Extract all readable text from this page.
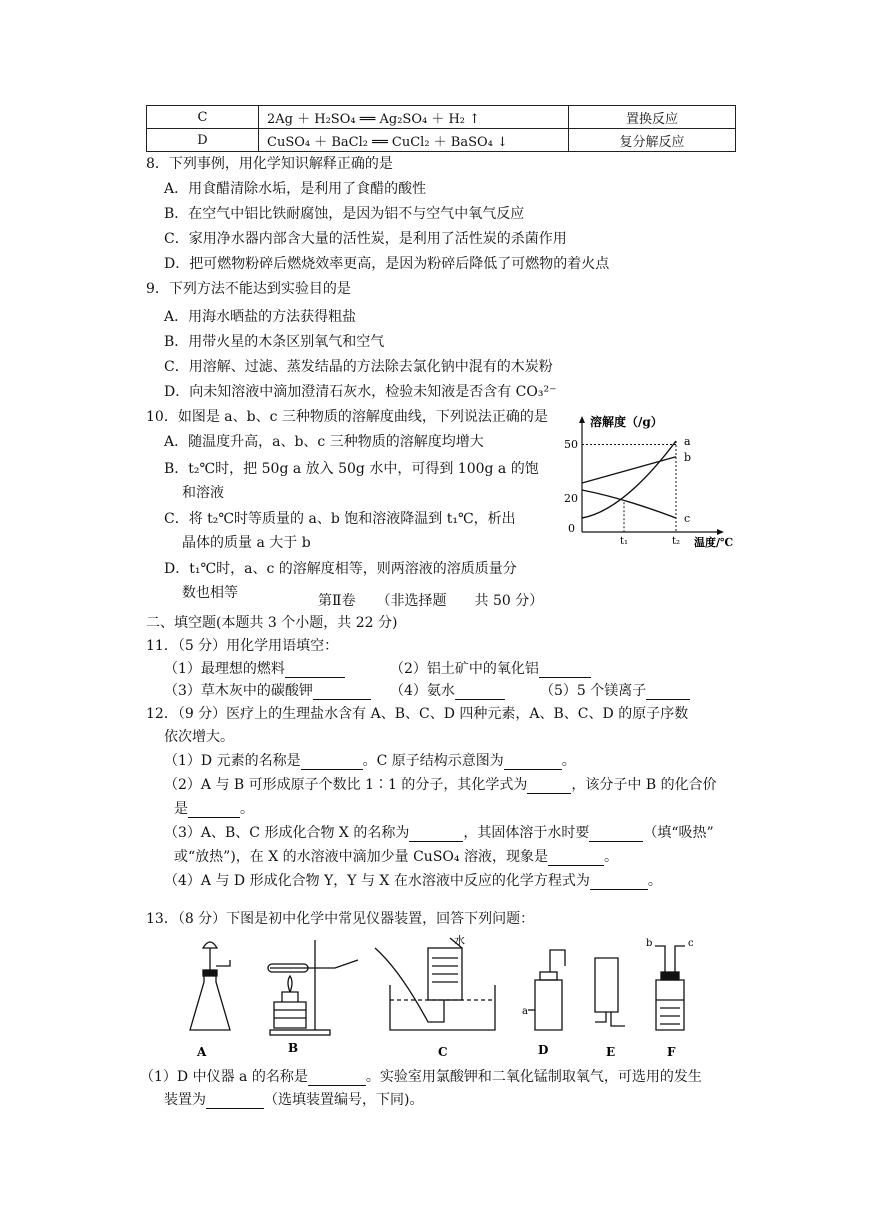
C	2Ag ＋ H₂SO₄ ══ Ag₂SO₄ ＋ H₂ ↑	置换反应
D	CuSO₄ ＋ BaCl₂ ══ CuCl₂ ＋ BaSO₄ ↓	复分解反应
8．下列事例，用化学知识解释正确的是
A．用食醋清除水垢，是利用了食醋的酸性
B．在空气中铝比铁耐腐蚀，是因为铝不与空气中氧气反应
C．家用净水器内部含大量的活性炭，是利用了活性炭的杀菌作用
D．把可燃物粉碎后燃烧效率更高，是因为粉碎后降低了可燃物的着火点
9．下列方法不能达到实验目的是
A．用海水晒盐的方法获得粗盐
B．用带火星的木条区别氧气和空气
C．用溶解、过滤、蒸发结晶的方法除去氯化钠中混有的木炭粉
D．向未知溶液中滴加澄清石灰水，检验未知液是否含有 CO₃²⁻
10．如图是 a、b、c 三种物质的溶解度曲线，下列说法正确的是
A．随温度升高，a、b、c 三种物质的溶解度均增大
B．t₂℃时，把 50g a 放入 50g 水中，可得到 100g a 的饱
和溶液
C．将 t₂℃时等质量的 a、b 饱和溶液降温到 t₁℃，析出
晶体的质量 a 大于 b
D．t₁℃时，a、c 的溶解度相等，则两溶液的溶质质量分
数也相等
溶解度（/g）
温度/℃
50
20
0
t₁	t₂
a
b
c
第Ⅱ卷　　（非选择题　　共 50 分）
二、填空题(本题共 3 个小题，共 22 分)
11．（5 分）用化学用语填空：
（1）最理想的燃料	（2）铝土矿中的氧化铝
（3）草木灰中的碳酸钾	（4）氨水	（5）5 个镁离子
12．（9 分）医疗上的生理盐水含有 A、B、C、D 四种元素，A、B、C、D 的原子序数
依次增大。
（1）D 元素的名称是	。C 原子结构示意图为	。
（2）A 与 B 可形成原子个数比 1∶1 的分子，其化学式为	，该分子中 B 的化合价
是	。
（3）A、B、C 形成化合物 X 的名称为	，其固体溶于水时要	（填“吸热”
或“放热”)，在 X 的水溶液中滴加少量 CuSO₄ 溶液，现象是	。
（4）A 与 D 形成化合物 Y，Y 与 X 在水溶液中反应的化学方程式为	。
13．（8 分）下图是初中化学中常见仪器装置，回答下列问题：
水
a
b	c
A	B	C	D	E	F
（1）D 中仪器 a 的名称是	。实验室用氯酸钾和二氧化锰制取氧气，可选用的发生
装置为	（选填装置编号，下同)。
